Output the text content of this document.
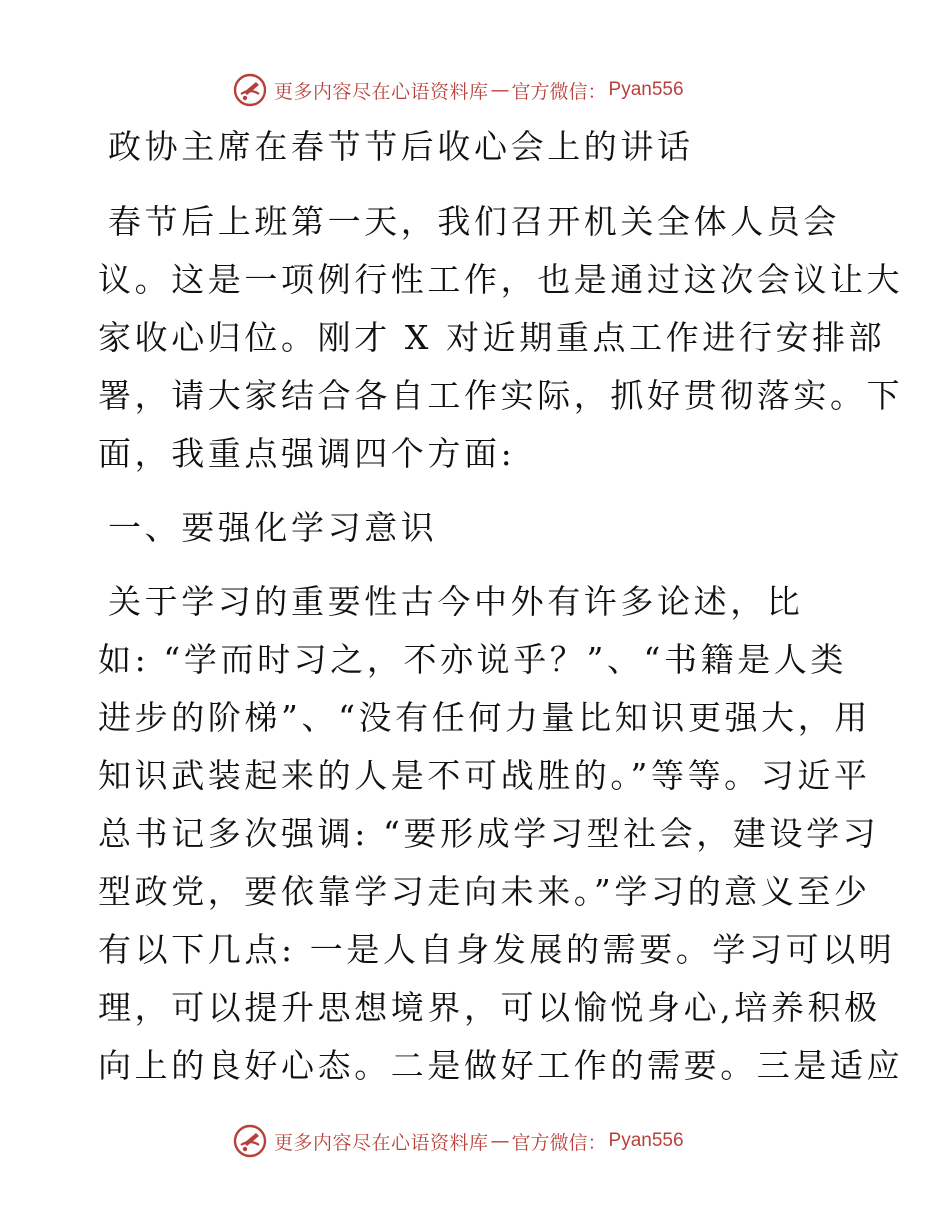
更多内容尽在心语资料库 — 官方微信： Pyan556
政协主席在春节节后收心会上的讲话
春节后上班第一天，我们召开机关全体人员会
议。这是一项例行性工作，也是通过这次会议让大
家收心归位。刚才 X 对近期重点工作进行安排部
署，请大家结合各自工作实际，抓好贯彻落实。下
面，我重点强调四个方面:
一、要强化学习意识
关于学习的重要性古今中外有许多论述，比
如: “学而时习之，不亦说乎？”、“书籍是人类
进步的阶梯”、“没有任何力量比知识更强大，用
知识武装起来的人是不可战胜的。”等等。习近平
总书记多次强调: “要形成学习型社会，建设学习
型政党，要依靠学习走向未来。”学习的意义至少
有以下几点: 一是人自身发展的需要。学习可以明
理，可以提升思想境界，可以愉悦身心,培养积极
向上的良好心态。二是做好工作的需要。三是适应
更多内容尽在心语资料库 — 官方微信： Pyan556
